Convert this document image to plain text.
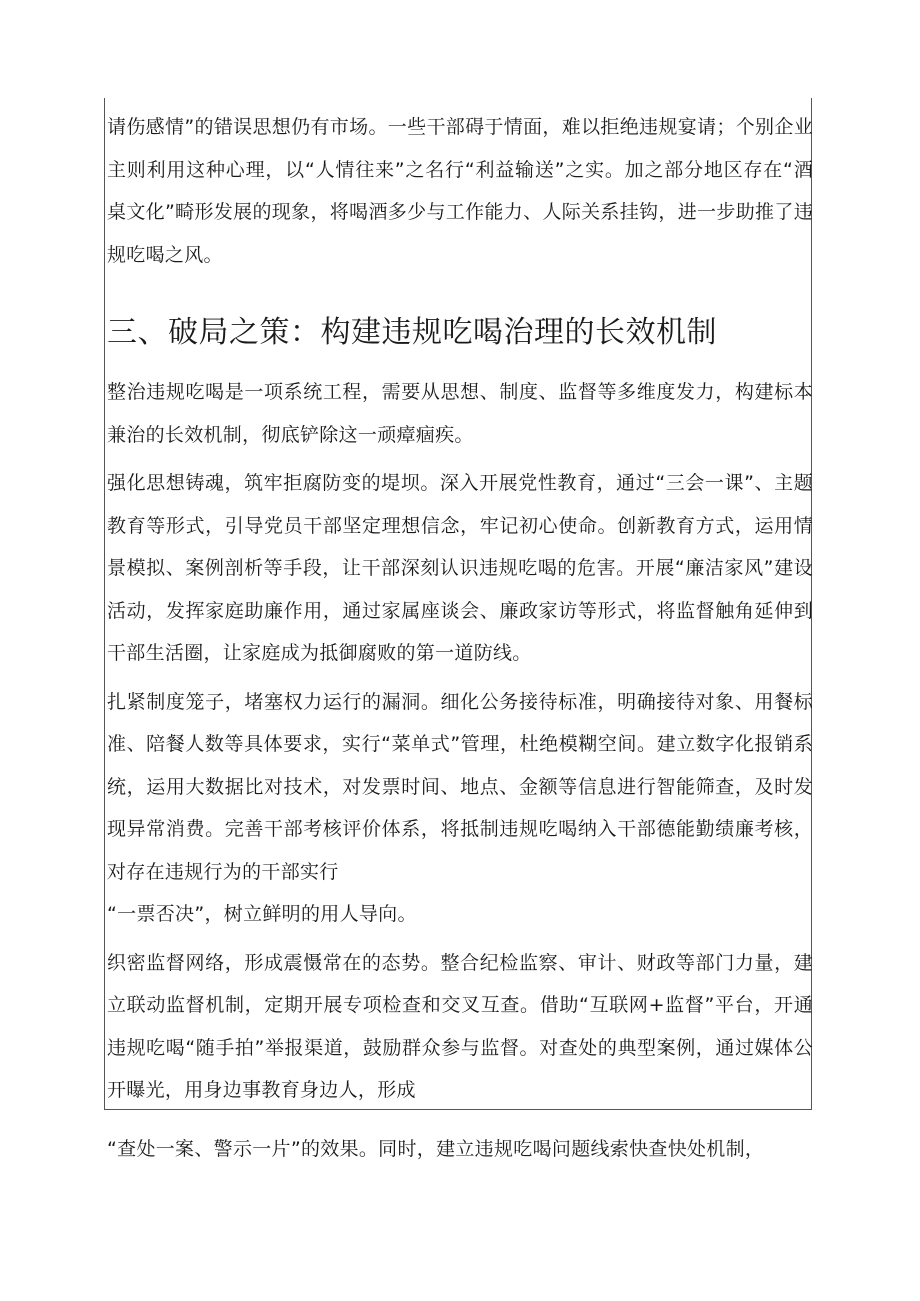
请伤感情”的错误思想仍有市场。一些干部碍于情面，难以拒绝违规宴请；个别企业主则利用这种心理，以“人情往来”之名行“利益输送”之实。加之部分地区存在“酒桌文化”畸形发展的现象，将喝酒多少与工作能力、人际关系挂钩，进一步助推了违规吃喝之风。

三、破局之策：构建违规吃喝治理的长效机制

整治违规吃喝是一项系统工程，需要从思想、制度、监督等多维度发力，构建标本兼治的长效机制，彻底铲除这一顽瘴痼疾。

强化思想铸魂，筑牢拒腐防变的堤坝。深入开展党性教育，通过“三会一课”、主题教育等形式，引导党员干部坚定理想信念，牢记初心使命。创新教育方式，运用情景模拟、案例剖析等手段，让干部深刻认识违规吃喝的危害。开展“廉洁家风”建设活动，发挥家庭助廉作用，通过家属座谈会、廉政家访等形式，将监督触角延伸到干部生活圈，让家庭成为抵御腐败的第一道防线。

扎紧制度笼子，堵塞权力运行的漏洞。细化公务接待标准，明确接待对象、用餐标准、陪餐人数等具体要求，实行“菜单式”管理，杜绝模糊空间。建立数字化报销系统，运用大数据比对技术，对发票时间、地点、金额等信息进行智能筛查，及时发现异常消费。完善干部考核评价体系，将抵制违规吃喝纳入干部德能勤绩廉考核，对存在违规行为的干部实行

“一票否决”，树立鲜明的用人导向。

织密监督网络，形成震慑常在的态势。整合纪检监察、审计、财政等部门力量，建立联动监督机制，定期开展专项检查和交叉互查。借助“互联网+监督”平台，开通违规吃喝“随手拍”举报渠道，鼓励群众参与监督。对查处的典型案例，通过媒体公开曝光，用身边事教育身边人，形成

“查处一案、警示一片”的效果。同时，建立违规吃喝问题线索快查快处机制，
